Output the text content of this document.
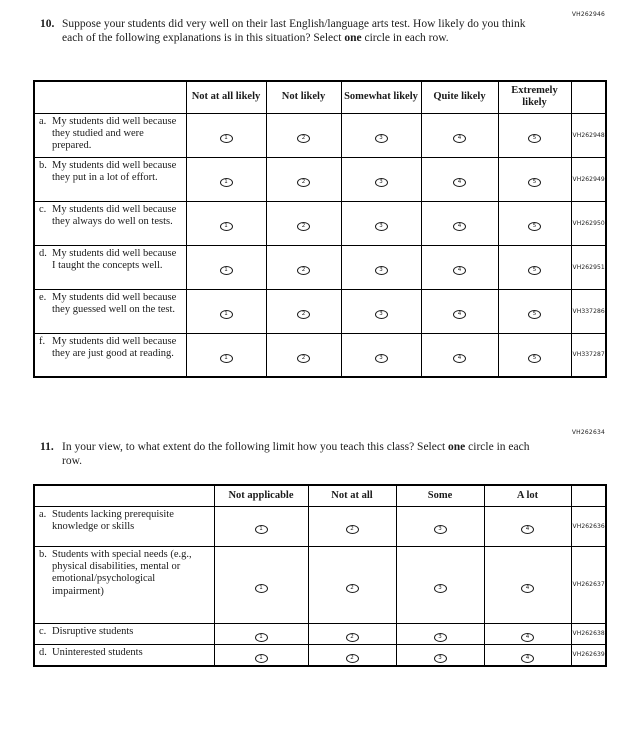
VH262946
10. Suppose your students did very well on their last English/language arts test. How likely do you think each of the following explanations is in this situation? Select one circle in each row.
	Not at all likely	Not likely	Somewhat likely	Quite likely	Extremely likely	
a. My students did well because they studied and were prepared.	1	2	3	4	5	VH262948
b. My students did well because they put in a lot of effort.	1	2	3	4	5	VH262949
c. My students did well because they always do well on tests.	1	2	3	4	5	VH262950
d. My students did well because I taught the concepts well.	1	2	3	4	5	VH262951
e. My students did well because they guessed well on the test.	1	2	3	4	5	VH337286
f. My students did well because they are just good at reading.	1	2	3	4	5	VH337287
VH262634
11. In your view, to what extent do the following limit how you teach this class? Select one circle in each row.
	Not applicable	Not at all	Some	A lot	
a. Students lacking prerequisite knowledge or skills	1	2	3	4	VH262636
b. Students with special needs (e.g., physical disabilities, mental or emotional/psychological impairment)	1	2	3	4	VH262637
c. Disruptive students	1	2	3	4	VH262638
d. Uninterested students	1	2	3	4	VH262639
